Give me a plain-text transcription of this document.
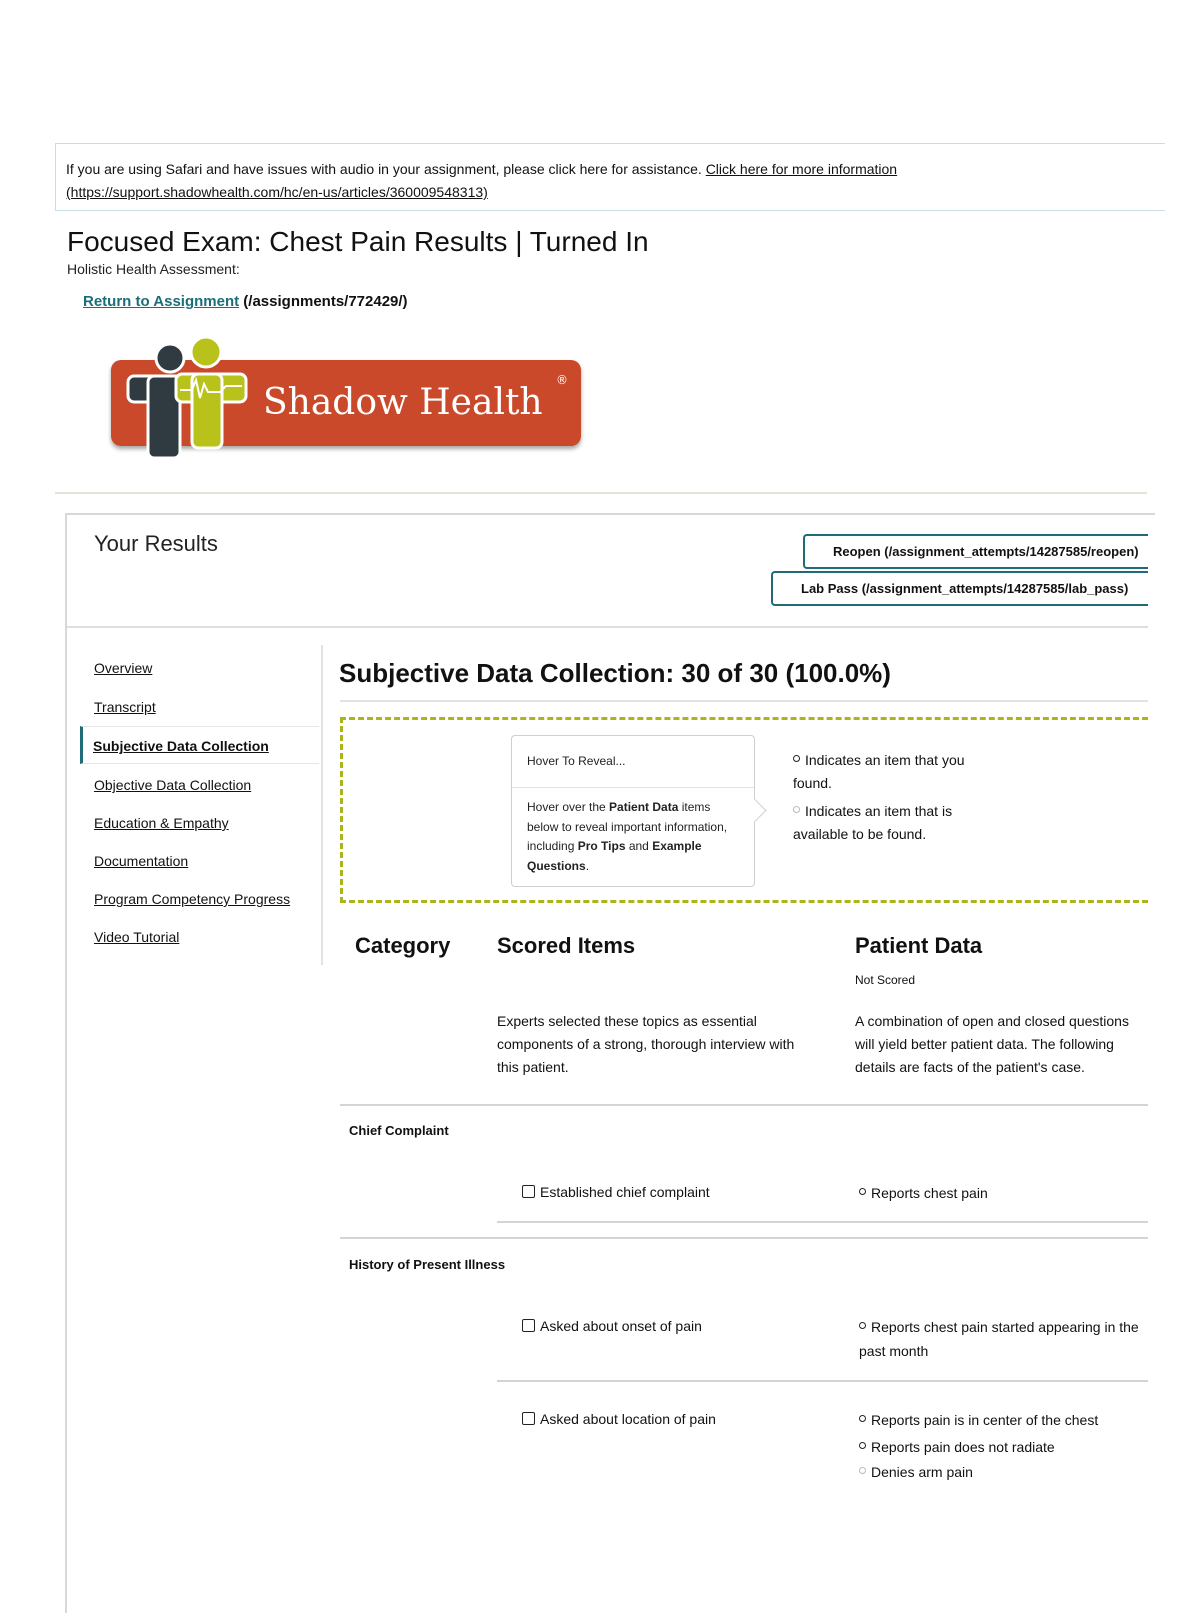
If you are using Safari and have issues with audio in your assignment, please click here for assistance. Click here for more information
(https://support.shadowhealth.com/hc/en-us/articles/360009548313)
Focused Exam: Chest Pain Results | Turned In
Holistic Health Assessment:
Return to Assignment (/assignments/772429/)
Shadow Health
®
Your Results	Reopen (/assignment_attempts/14287585/reopen)
Lab Pass (/assignment_attempts/14287585/lab_pass)
Overview
Transcript
Subjective Data Collection
Objective Data Collection
Education & Empathy
Documentation
Program Competency Progress
Video Tutorial
Subjective Data Collection: 30 of 30 (100.0%)
Hover To Reveal...
Hover over the Patient Data items below to reveal important information, including Pro Tips and Example Questions.
Indicates an item that you found.
Indicates an item that is available to be found.
Category Scored Items	Patient Data
Not Scored
Experts selected these topics as essential components of a strong, thorough interview with this patient.
A combination of open and closed questions will yield better patient data. The following details are facts of the patient's case.
Chief Complaint
Established chief complaint	Reports chest pain
History of Present Illness
Asked about onset of pain	Reports chest pain started appearing in the past month
Asked about location of pain	Reports pain is in center of the chest
Reports pain does not radiate
Denies arm pain
